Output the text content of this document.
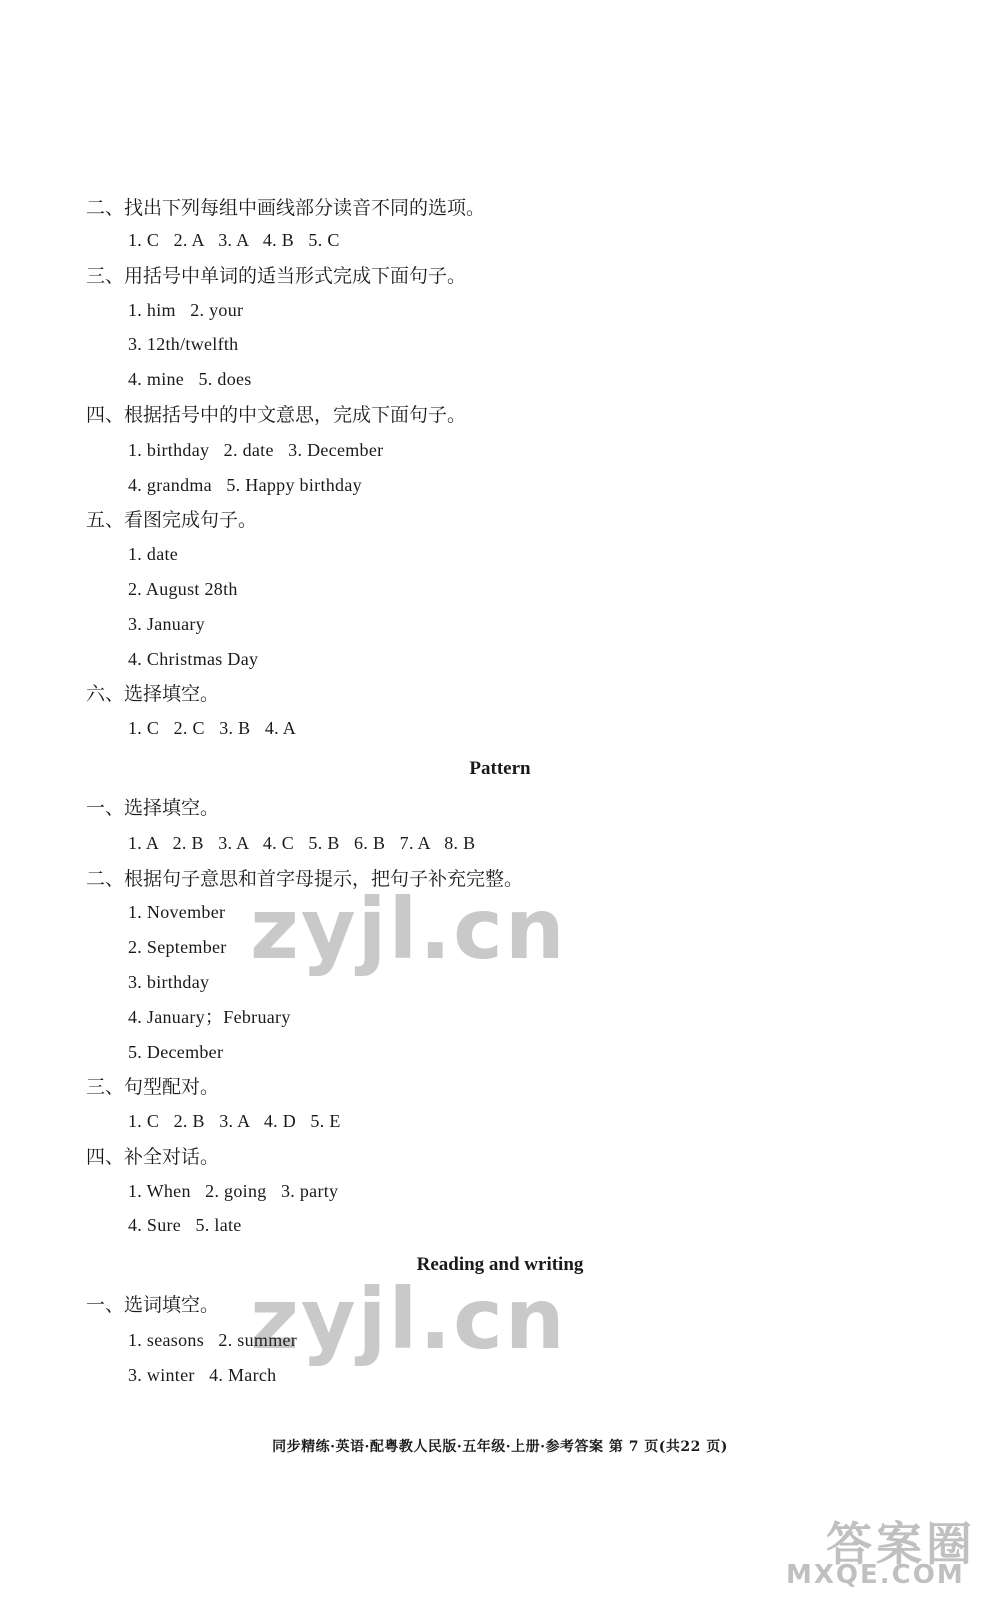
二、找出下列每组中画线部分读音不同的选项。
1. C   2. A   3. A   4. B   5. C
三、用括号中单词的适当形式完成下面句子。
1. him   2. your
3. 12th/twelfth
4. mine   5. does
四、根据括号中的中文意思，完成下面句子。
1. birthday   2. date   3. December
4. grandma   5. Happy birthday
五、看图完成句子。
1. date
2. August 28th
3. January
4. Christmas Day
六、选择填空。
1. C   2. C   3. B   4. A
Pattern
一、选择填空。
1. A   2. B   3. A   4. C   5. B   6. B   7. A   8. B
二、根据句子意思和首字母提示，把句子补充完整。
1. November
2. September
3. birthday
4. January；February
5. December
三、句型配对。
1. C   2. B   3. A   4. D   5. E
四、补全对话。
1. When   2. going   3. party
4. Sure   5. late
Reading and writing
一、选词填空。
1. seasons   2. summer
3. winter   4. March
同步精练·英语·配粤教人民版·五年级·上册·参考答案 第 7 页(共22 页)
zyjl.cn
zyjl.cn
答案圈
MXQE.COM
